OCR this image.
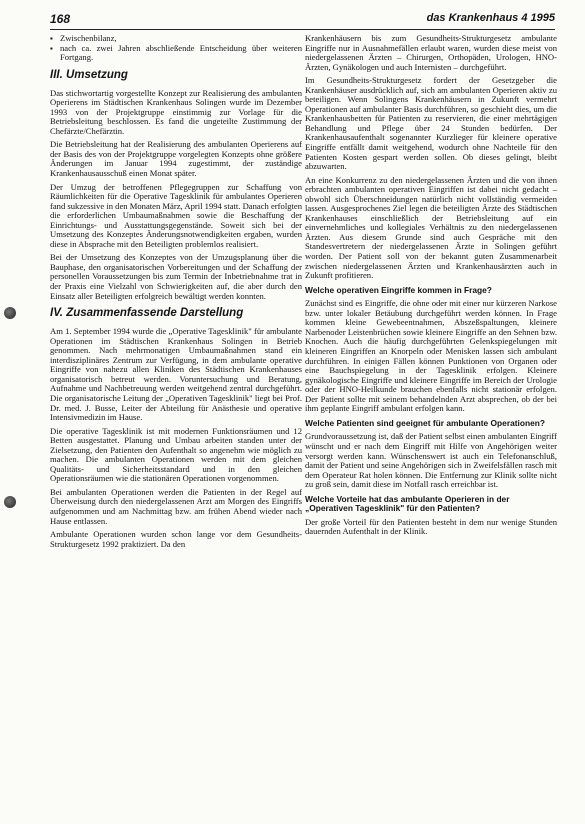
168	das Krankenhaus 4 1995
▪ Zwischenbilanz,
▪ nach ca. zwei Jahren abschließende Entscheidung über weiteren Fortgang.
III. Umsetzung

Das stichwortartig vorgestellte Konzept zur Realisierung des ambulanten Operierens im Städtischen Krankenhaus Solingen wurde im Dezember 1993 von der Projektgruppe einstimmig zur Vorlage für die Betriebsleitung beschlossen. Es fand die ungeteilte Zustimmung der Chefärzte/Chefärztin.

Die Betriebsleitung hat der Realisierung des ambulanten Operierens auf der Basis des von der Projektgruppe vorgelegten Konzepts ohne größere Änderungen im Januar 1994 zugestimmt, der zuständige Krankenhausausschuß einen Monat später.

Der Umzug der betroffenen Pflegegruppen zur Schaffung von Räumlichkeiten für die Operative Tagesklinik für ambulantes Operieren fand sukzessive in den Monaten März, April 1994 statt. Danach erfolgten die erforderlichen Umbaumaßnahmen sowie die Beschaffung der Einrichtungs- und Ausstattungsgegenstände. Soweit sich bei der Umsetzung des Konzeptes Änderungsnotwendigkeiten ergaben, wurden diese in Absprache mit den Beteiligten problemlos realisiert.

Bei der Umsetzung des Konzeptes von der Umzugsplanung über die Bauphase, den organisatorischen Vorbereitungen und der Schaffung der personellen Voraussetzungen bis zum Termin der Inbetriebnahme trat in der Praxis eine Vielzahl von Schwierigkeiten auf, die aber durch den Einsatz aller Beteiligten erfolgreich bewältigt werden konnten.

IV. Zusammenfassende Darstellung

Am 1. September 1994 wurde die „Operative Tagesklinik" für ambulante Operationen im Städtischen Krankenhaus Solingen in Betrieb genommen. Nach mehrmonatigen Umbaumaßnahmen stand ein interdisziplinäres Zentrum zur Verfügung, in dem ambulante operative Eingriffe von nahezu allen Kliniken des Städtischen Krankenhauses organisatorisch betreut werden. Voruntersuchung und Beratung, Aufnahme und Nachbetreuung werden weitgehend zentral durchgeführt. Die organisatorische Leitung der „Operativen Tagesklinik" liegt bei Prof. Dr. med. J. Busse, Leiter der Abteilung für Anästhesie und operative Intensivmedizin im Hause.

Die operative Tagesklinik ist mit modernen Funktionsräumen und 12 Betten ausgestattet. Planung und Umbau arbeiten standen unter der Zielsetzung, den Patienten den Aufenthalt so angenehm wie möglich zu machen. Die ambulanten Operationen werden mit dem gleichen Qualitäts- und Sicherheitsstandard und in den gleichen Operationsräumen wie die stationären Operationen vorgenommen.

Bei ambulanten Operationen werden die Patienten in der Regel auf Überweisung durch den niedergelassenen Arzt am Morgen des Eingriffs aufgenommen und am Nachmittag bzw. am frühen Abend wieder nach Hause entlassen.

Ambulante Operationen wurden schon lange vor dem Gesundheits-Strukturgesetz 1992 praktiziert. Da den

Krankenhäusern bis zum Gesundheits-Strukturgesetz ambulante Eingriffe nur in Ausnahmefällen erlaubt waren, wurden diese meist von niedergelassenen Ärzten – Chirurgen, Orthopäden, Urologen, HNO-Ärzten, Gynäkologen und auch Internisten – durchgeführt.

Im Gesundheits-Strukturgesetz fordert der Gesetzgeber die Krankenhäuser ausdrücklich auf, sich am ambulanten Operieren aktiv zu beteiligen. Wenn Solingens Krankenhäusern in Zukunft vermehrt Operationen auf ambulanter Basis durchführen, so geschieht dies, um die Krankenhausbetten für Patienten zu reservieren, die einer mehrtägigen Behandlung und Pflege über 24 Stunden bedürfen. Der Krankenhausaufenthalt sogenannter Kurzlieger für kleinere operative Eingriffe entfällt damit weitgehend, wodurch ohne Nachteile für den Patienten Kosten gespart werden sollen. Ob dieses gelingt, bleibt abzuwarten.

An eine Konkurrenz zu den niedergelassenen Ärzten und die von ihnen erbrachten ambulanten operativen Eingriffen ist dabei nicht gedacht – obwohl sich Überschneidungen natürlich nicht vollständig vermeiden lassen. Ausgesprochenes Ziel legen die beteiligten Ärzte des Städtischen Krankenhauses einschließlich der Betriebsleitung auf ein einvernehmliches und kollegiales Verhältnis zu den niedergelassenen Ärzten. Aus diesem Grunde sind auch Gespräche mit den Standesvertretern der niedergelassenen Ärzte in Solingen geführt worden. Der Patient soll von der bekannt guten Zusammenarbeit zwischen niedergelassenen Ärzten und Krankenhausärzten auch in Zukunft profitieren.

Welche operativen Eingriffe kommen in Frage?

Zunächst sind es Eingriffe, die ohne oder mit einer nur kürzeren Narkose bzw. unter lokaler Betäubung durchgeführt werden können. In Frage kommen kleine Gewebeentnahmen, Abszeßspaltungen, kleinere Narbenoder Leistenbrüchen sowie kleinere Eingriffe an den Sehnen bzw. Knochen. Auch die häufig durchgeführten Gelenkspiegelungen mit kleineren Eingriffen an Knorpeln oder Menisken lassen sich ambulant durchführen. In einigen Fällen können Punktionen von Organen oder eine Bauchspiegelung in der Tagesklinik erfolgen. Kleinere gynäkologische Eingriffe und kleinere Eingriffe im Bereich der Urologie oder der HNO-Heilkunde brauchen ebenfalls nicht stationär erfolgen. Der Patient sollte mit seinem behandelnden Arzt absprechen, ob der bei ihm geplante Eingriff ambulant erfolgen kann.

Welche Patienten sind geeignet für ambulante Operationen?

Grundvoraussetzung ist, daß der Patient selbst einen ambulanten Eingriff wünscht und er nach dem Eingriff mit Hilfe von Angehörigen weiter versorgt werden kann. Wünschenswert ist auch ein Telefonanschluß, damit der Patient und seine Angehörigen sich in Zweifelsfällen rasch mit dem Operateur Rat holen können. Die Entfernung zur Klinik sollte nicht zu groß sein, damit diese im Notfall rasch erreichbar ist.

Welche Vorteile hat das ambulante Operieren in der „Operativen Tagesklinik" für den Patienten?

Der große Vorteil für den Patienten besteht in dem nur wenige Stunden dauernden Aufenthalt in der Klinik.
